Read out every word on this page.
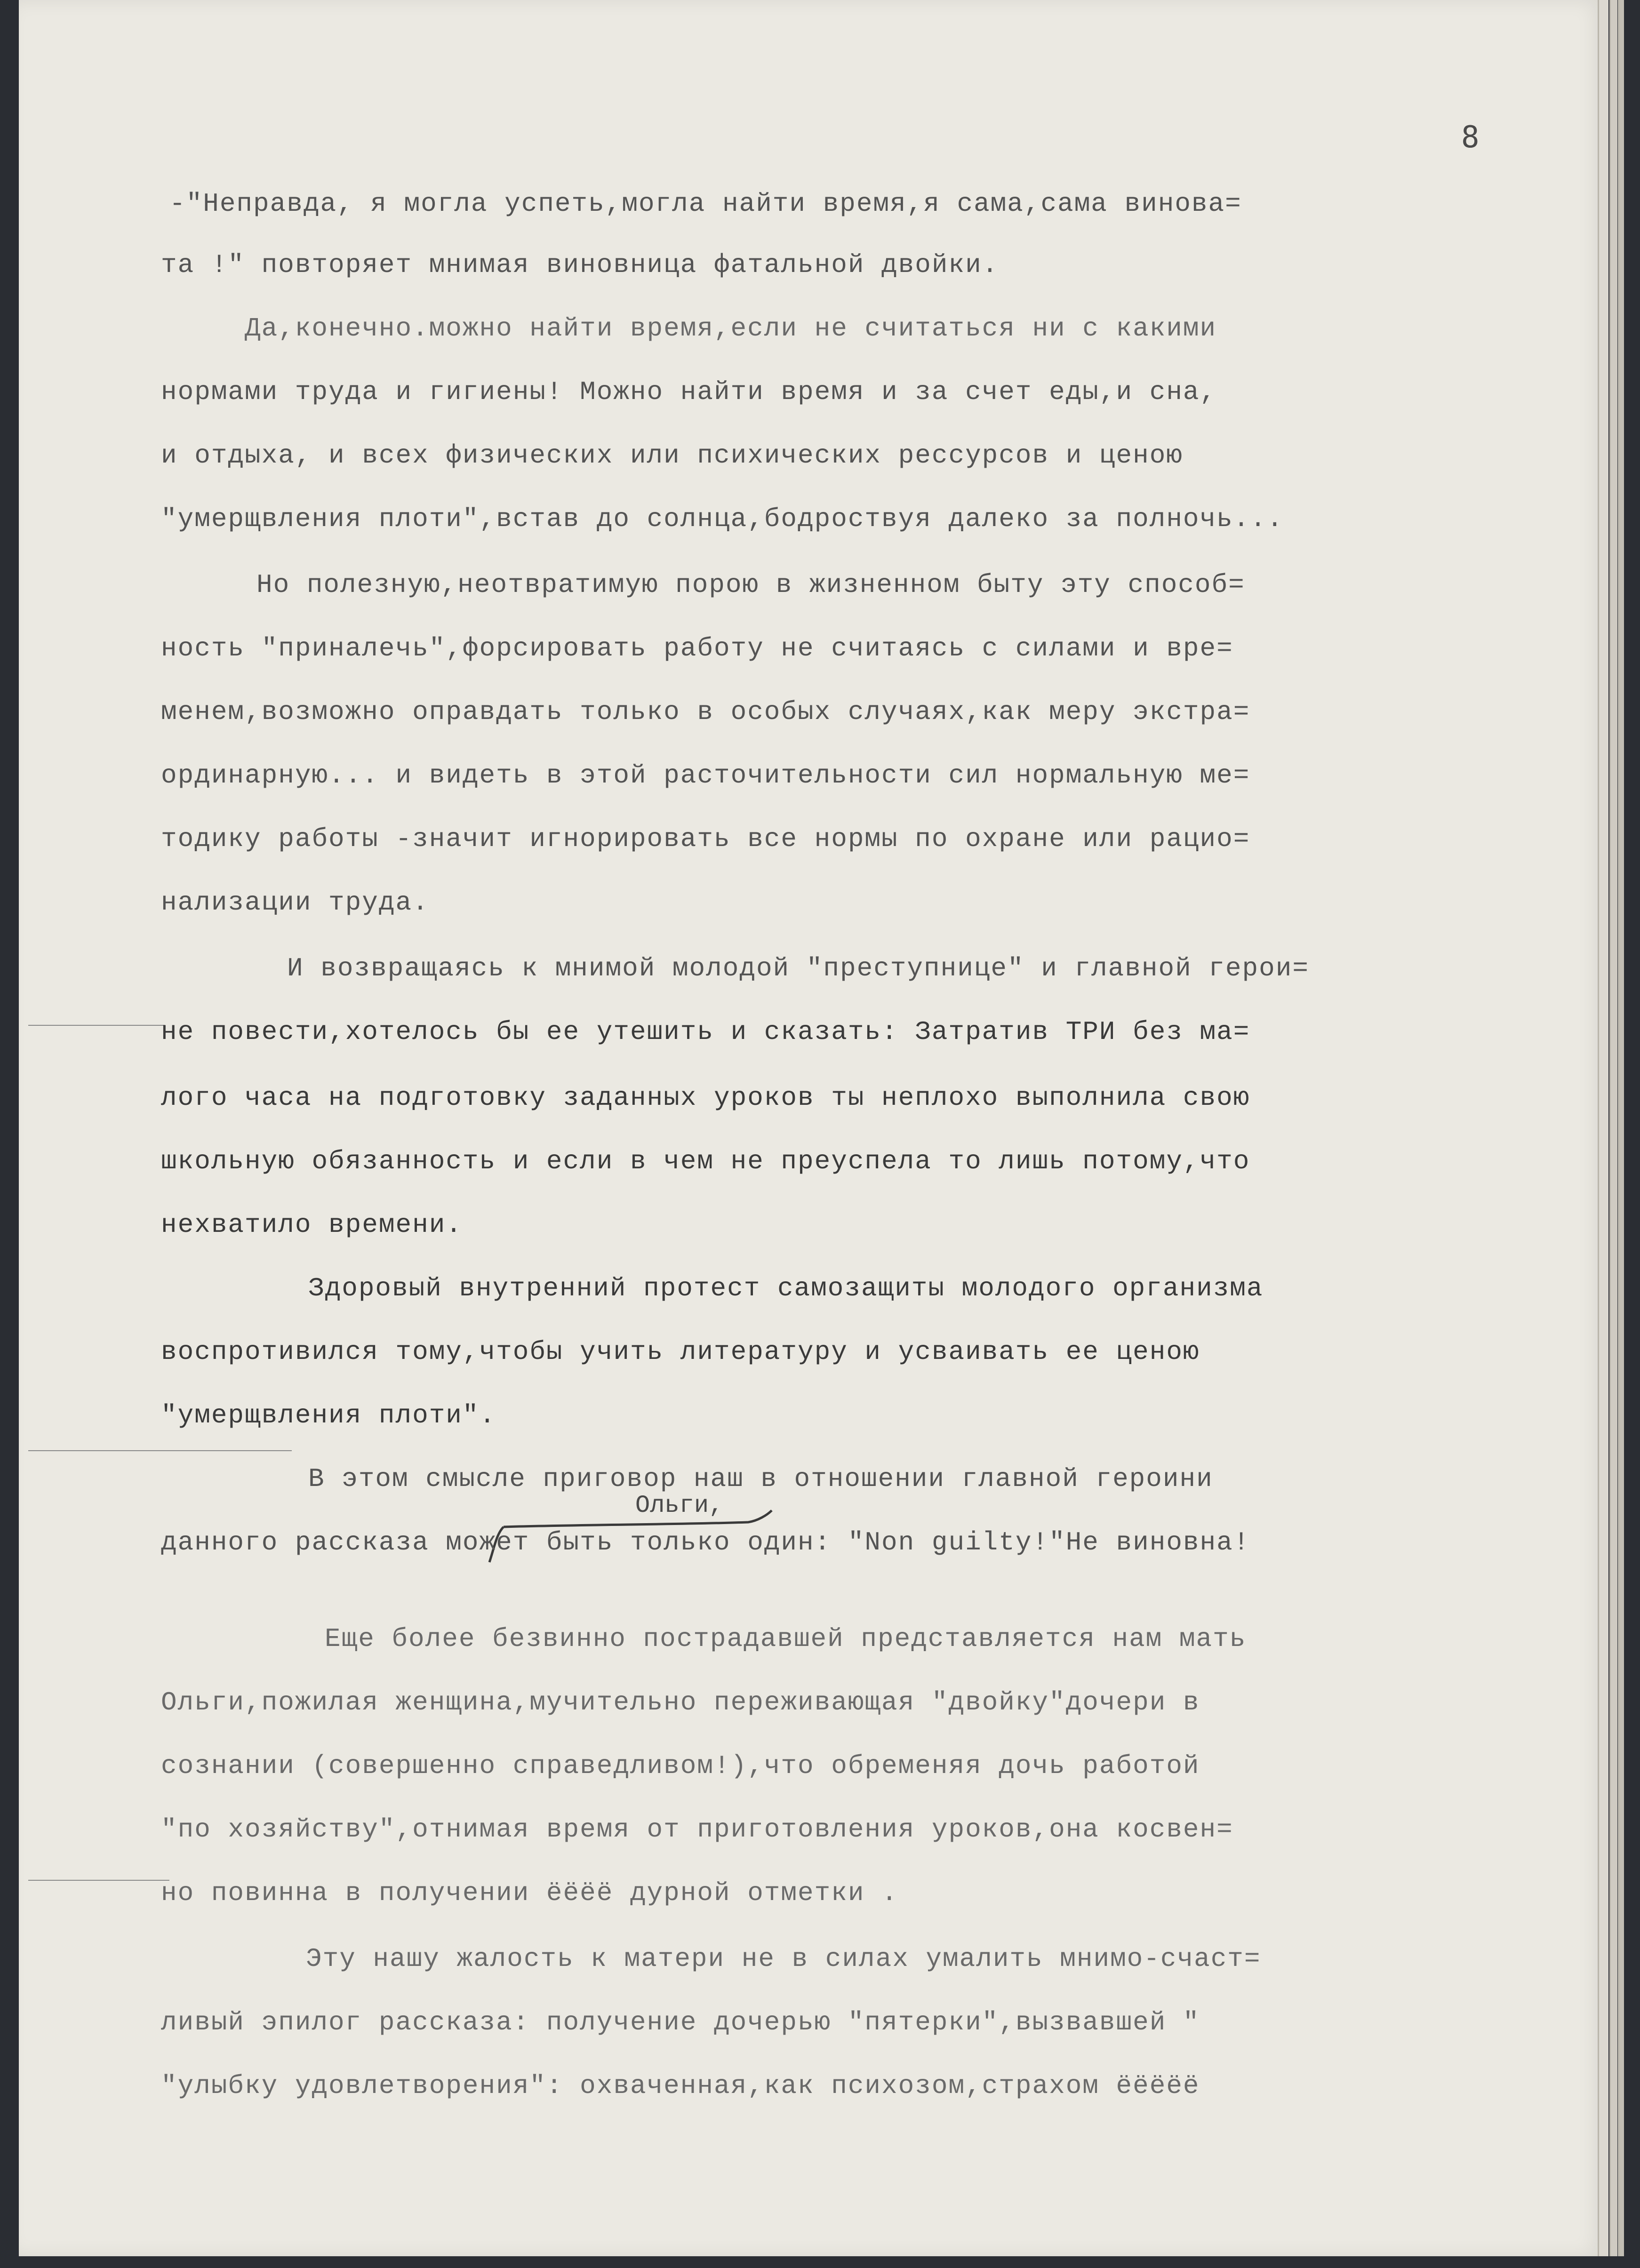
8
-"Неправда, я могла успеть,могла найти время,я сама,сама винова=
та !" повторяет мнимая виновница фатальной двойки.
Да,конечно.можно найти время,если не считаться ни с какими
нормами труда и гигиены! Можно найти время и за счет еды,и сна,
и отдыха, и всех физических или психических рессурсов и ценою
"умерщвления плоти",встав до солнца,бодроствуя далеко за полночь...
Но полезную,неотвратимую порою в жизненном быту эту способ=
ность "приналечь",форсировать работу не считаясь с силами и вре=
менем,возможно оправдать только в особых случаях,как меру экстра=
ординарную... и видеть в этой расточительности сил нормальную ме=
тодику работы -значит игнорировать все нормы по охране или рацио=
нализации труда.
И возвращаясь к мнимой молодой "преступнице" и главной герои=
не повести,хотелось бы ее утешить и сказать: Затратив ТРИ без ма=
лого часа на подготовку заданных уроков ты неплохо выполнила свою
школьную обязанность и если в чем не преуспела то лишь потому,что
нехватило времени.
Здоровый внутренний протест самозащиты молодого организма
воспротивился тому,чтобы учить литературу и усваивать ее ценою
"умерщвления плоти".
В этом смысле приговор наш в отношении главной героини
Ольги,
данного рассказа может быть только один: "Non guilty!"Не виновна!
Еще более безвинно пострадавшей представляется нам мать
Ольги,пожилая женщина,мучительно переживающая "двойку"дочери в
сознании (совершенно справедливом!),что обременяя дочь работой
"по хозяйству",отнимая время от приготовления уроков,она косвен=
но повинна в получении ёёёё дурной отметки .
Эту нашу жалость к матери не в силах умалить мнимо-счаст=
ливый эпилог рассказа: получение дочерью "пятерки",вызвавшей "
"улыбку удовлетворения": охваченная,как психозом,страхом ёёёёё
